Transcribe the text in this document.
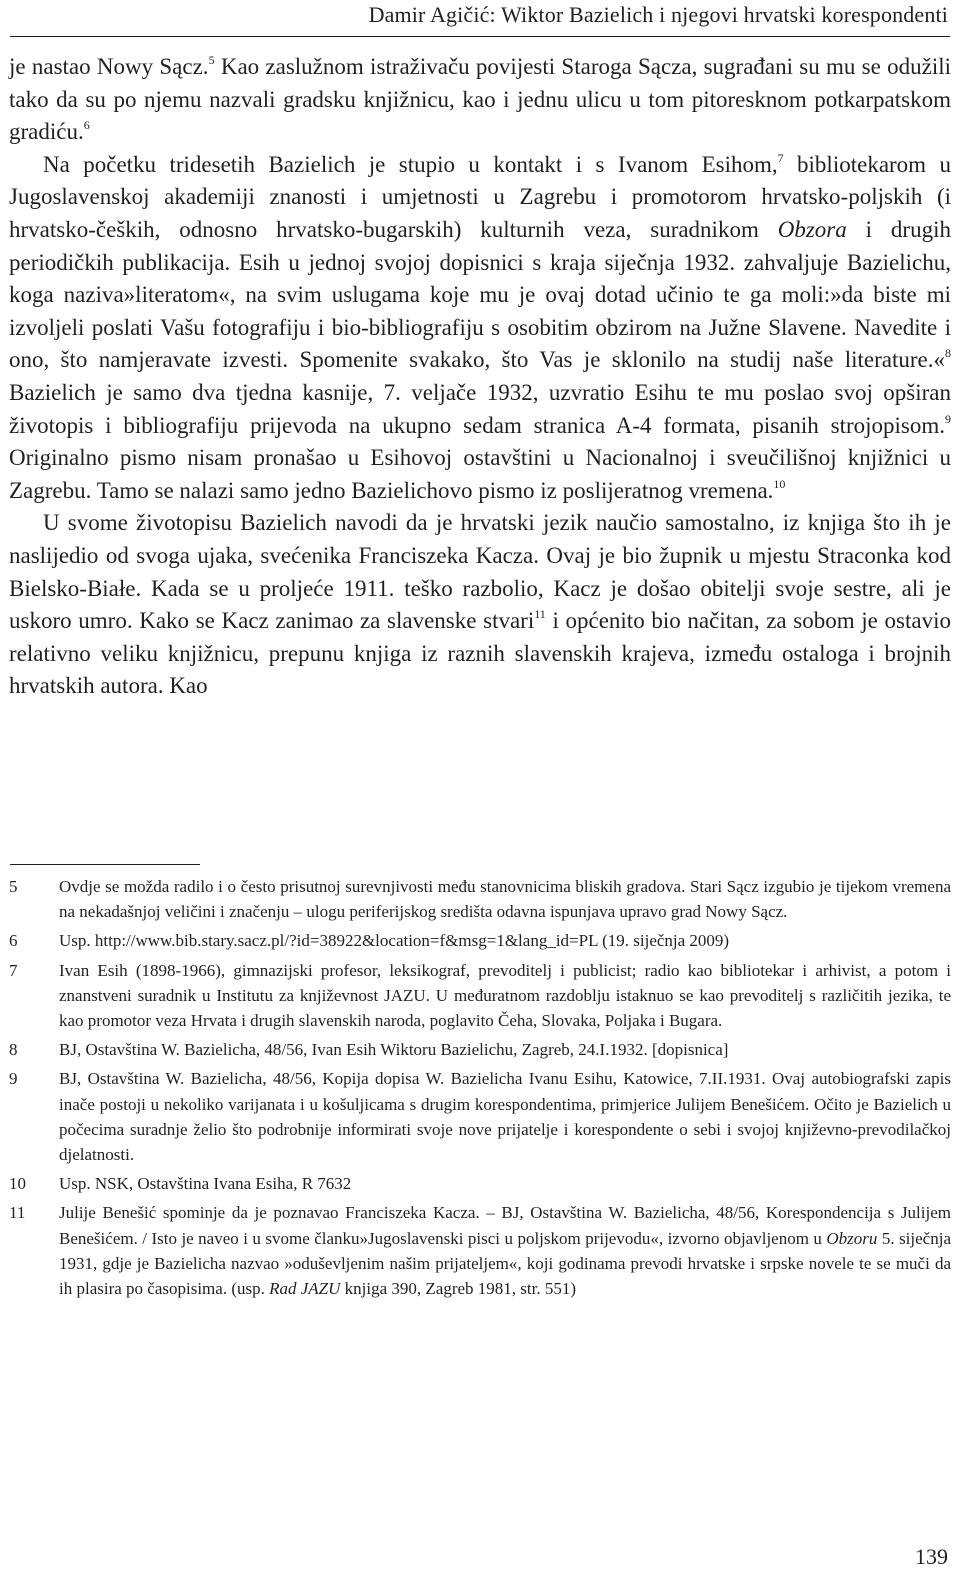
Damir Agičić: Wiktor Bazielich i njegovi hrvatski korespondenti

je nastao Nowy Sącz.$^5$ Kao zaslužnom istraživaču povijesti Staroga Sącza, sugrađani su mu se odužili tako da su po njemu nazvali gradsku knjižnicu, kao i jednu ulicu u tom pitoresknom potkarpatskom gradiću.$^6$

Na početku tridesetih Bazielich je stupio u kontakt i s Ivanom Esihom,$^7$ bibliotekarom u Jugoslavenskoj akademiji znanosti i umjetnosti u Zagrebu i promotorom hrvatsko-poljskih (i hrvatsko-čeških, odnosno hrvatsko-bugarskih) kulturnih veza, suradnikom Obzora i drugih periodičkih publikacija. Esih u jednoj svojoj dopisnici s kraja siječnja 1932. zahvaljuje Bazielichu, koga naziva»literatom«, na svim uslugama koje mu je ovaj dotad učinio te ga moli:»da biste mi izvoljeli poslati Vašu fotografiju i bio-bibliografiju s osobitim obzirom na Južne Slavene. Navedite i ono, što namjeravate izvesti. Spomenite svakako, što Vas je sklonilo na studij naše literature.«$^8$ Bazielich je samo dva tjedna kasnije, 7. veljače 1932, uzvratio Esihu te mu poslao svoj opširan životopis i bibliografiju prijevoda na ukupno sedam stranica A-4 formata, pisanih strojopisom.$^9$ Originalno pismo nisam pronašao u Esihovoj ostavštini u Nacionalnoj i sveučilišnoj knjižnici u Zagrebu. Tamo se nalazi samo jedno Bazielichovo pismo iz poslijeratnog vremena.$^{10}$

U svome životopisu Bazielich navodi da je hrvatski jezik naučio samostalno, iz knjiga što ih je naslijedio od svoga ujaka, svećenika Franciszeka Kacza. Ovaj je bio župnik u mjestu Straconka kod Bielsko-Białe. Kada se u proljeće 1911. teško razbolio, Kacz je došao obitelji svoje sestre, ali je uskoro umro. Kako se Kacz zanimao za slavenske stvari$^{11}$ i općenito bio načitan, za sobom je ostavio relativno veliku knjižnicu, prepunu knjiga iz raznih slavenskih krajeva, između ostaloga i brojnih hrvatskih autora. Kao

5	Ovdje se možda radilo i o često prisutnoj surevnjivosti među stanovnicima bliskih gradova. Stari Sącz izgubio je tijekom vremena na nekadašnjoj veličini i značenju – ulogu periferijskog središta odavna ispunjava upravo grad Nowy Sącz.
6	Usp. http://www.bib.stary.sacz.pl/?id=38922&location=f&msg=1&lang_id=PL (19. siječnja 2009)
7	Ivan Esih (1898-1966), gimnazijski profesor, leksikograf, prevoditelj i publicist; radio kao bibliotekar i arhivist, a potom i znanstveni suradnik u Institutu za književnost JAZU. U međuratnom razdoblju istaknuo se kao prevoditelj s različitih jezika, te kao promotor veza Hrvata i drugih slavenskih naroda, poglavito Čeha, Slovaka, Poljaka i Bugara.
8	BJ, Ostavština W. Bazielicha, 48/56, Ivan Esih Wiktoru Bazielichu, Zagreb, 24.I.1932. [dopisnica]
9	BJ, Ostavština W. Bazielicha, 48/56, Kopija dopisa W. Bazielicha Ivanu Esihu, Katowice, 7.II.1931. Ovaj autobiografski zapis inače postoji u nekoliko varijanata i u košuljicama s drugim korespondentima, primjerice Julijem Benešićem. Očito je Bazielich u počecima suradnje želio što podrobnije informirati svoje nove prijatelje i korespondente o sebi i svojoj književno-prevodilačkoj djelatnosti.
10	Usp. NSK, Ostavština Ivana Esiha, R 7632
11	Julije Benešić spominje da je poznavao Franciszeka Kacza. – BJ, Ostavština W. Bazielicha, 48/56, Korespondencija s Julijem Benešićem. / Isto je naveo i u svome članku»Jugoslavenski pisci u poljskom prijevodu«, izvorno objavljenom u Obzoru 5. siječnja 1931, gdje je Bazielicha nazvao »oduševljenim našim prijateljem«, koji godinama prevodi hrvatske i srpske novele te se muči da ih plasira po časopisima. (usp. Rad JAZU knjiga 390, Zagreb 1981, str. 551)
139
